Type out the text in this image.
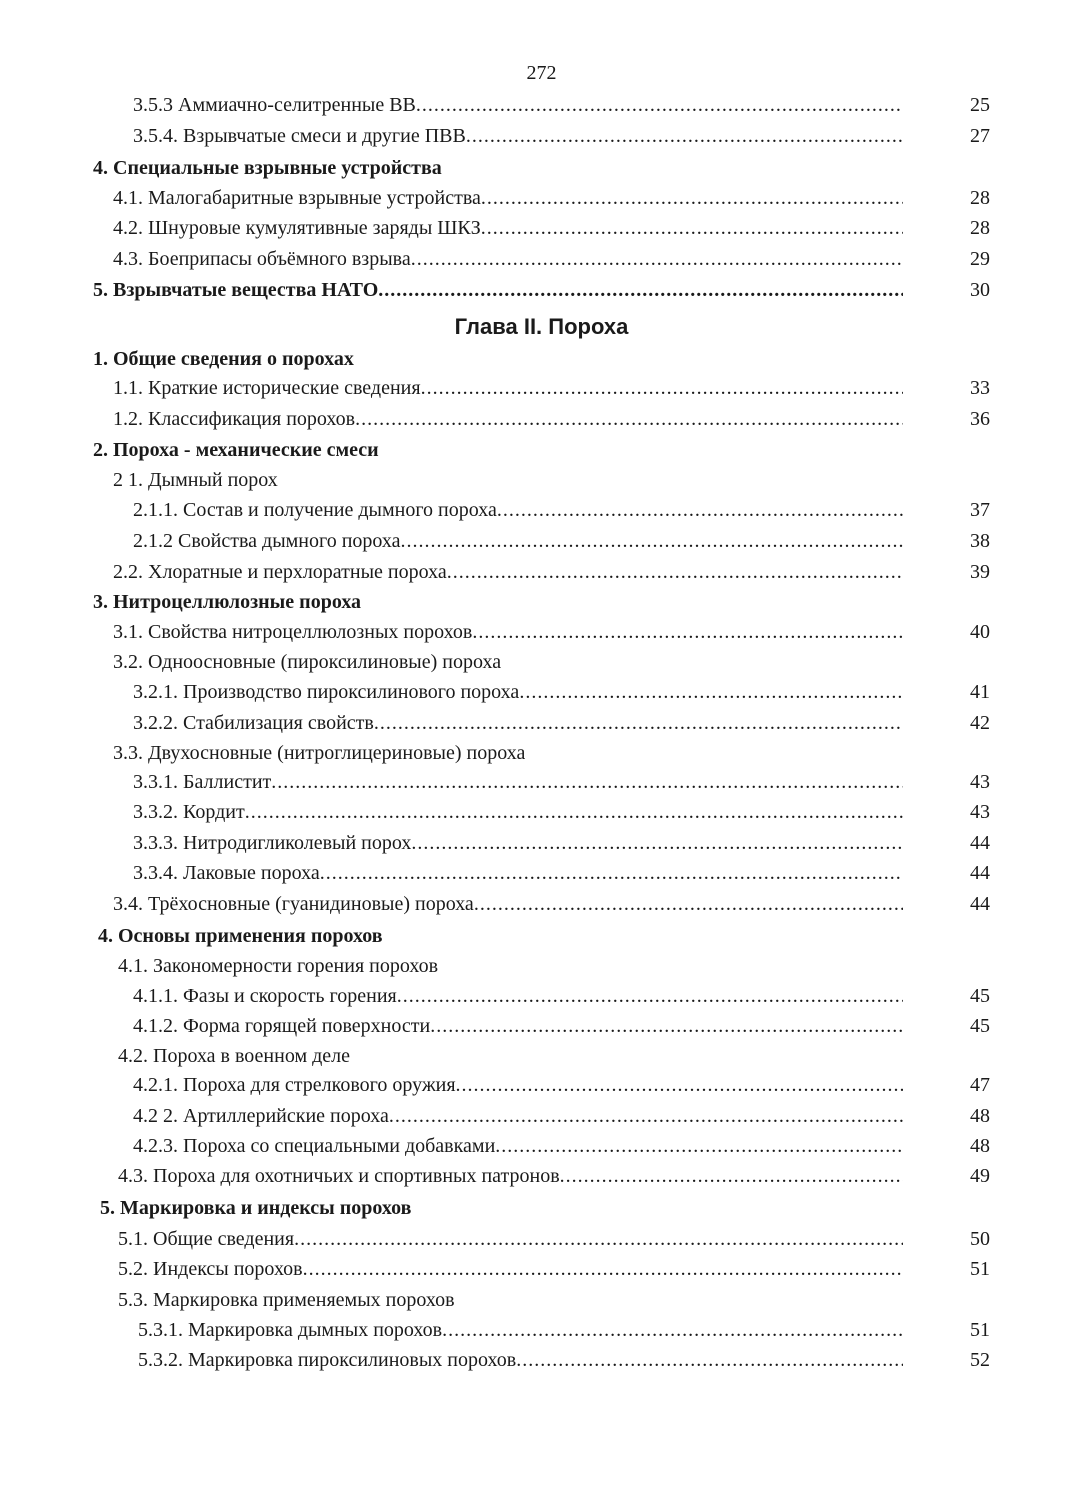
272
Глава II. Пороха
3.5.3 Аммиачно-селитренные ВВ .....	25
3.5.4. Взрывчатые смеси и другие ПВВ .....	27
4. Специальные взрывные устройства
4.1. Малогабаритные взрывные устройства .....	28
4.2. Шнуровые кумулятивные заряды ШКЗ .....	28
4.3. Боеприпасы объёмного взрыва .....	29
5. Взрывчатые вещества НАТО .....	30
1. Общие сведения о порохах
1.1. Краткие исторические сведения .....	33
1.2. Классификация порохов .....	36
2. Пороха - механические смеси
2 1. Дымный порох
2.1.1. Состав и получение дымного пороха .....	37
2.1.2 Свойства дымного пороха .....	38
2.2. Хлоратные и перхлоратные пороха .....	39
3. Нитроцеллюлозные пороха
3.1. Свойства нитроцеллюлозных порохов .....	40
3.2. Одноосновные (пироксилиновые) пороха
3.2.1. Производство пироксилинового пороха .....	41
3.2.2. Стабилизация свойств .....	42
3.3. Двухосновные (нитроглицериновые) пороха
3.3.1. Баллистит .....	43
3.3.2. Кордит .....	43
3.3.3. Нитродигликолевый порох .....	44
3.3.4. Лаковые пороха .....	44
3.4. Трёхосновные (гуанидиновые) пороха .....	44
4. Основы применения порохов
4.1. Закономерности горения порохов
4.1.1. Фазы и скорость горения .....	45
4.1.2. Форма горящей поверхности .....	45
4.2. Пороха в военном деле
4.2.1. Пороха для стрелкового оружия .....	47
4.2 2. Артиллерийские пороха .....	48
4.2.3. Пороха со специальными добавками .....	48
4.3. Пороха для охотничьих и спортивных патронов .....	49
5. Маркировка и индексы порохов
5.1. Общие сведения .....	50
5.2. Индексы порохов .....	51
5.3. Маркировка применяемых порохов
5.3.1. Маркировка дымных порохов .....	51
5.3.2. Маркировка пироксилиновых порохов .....	52
